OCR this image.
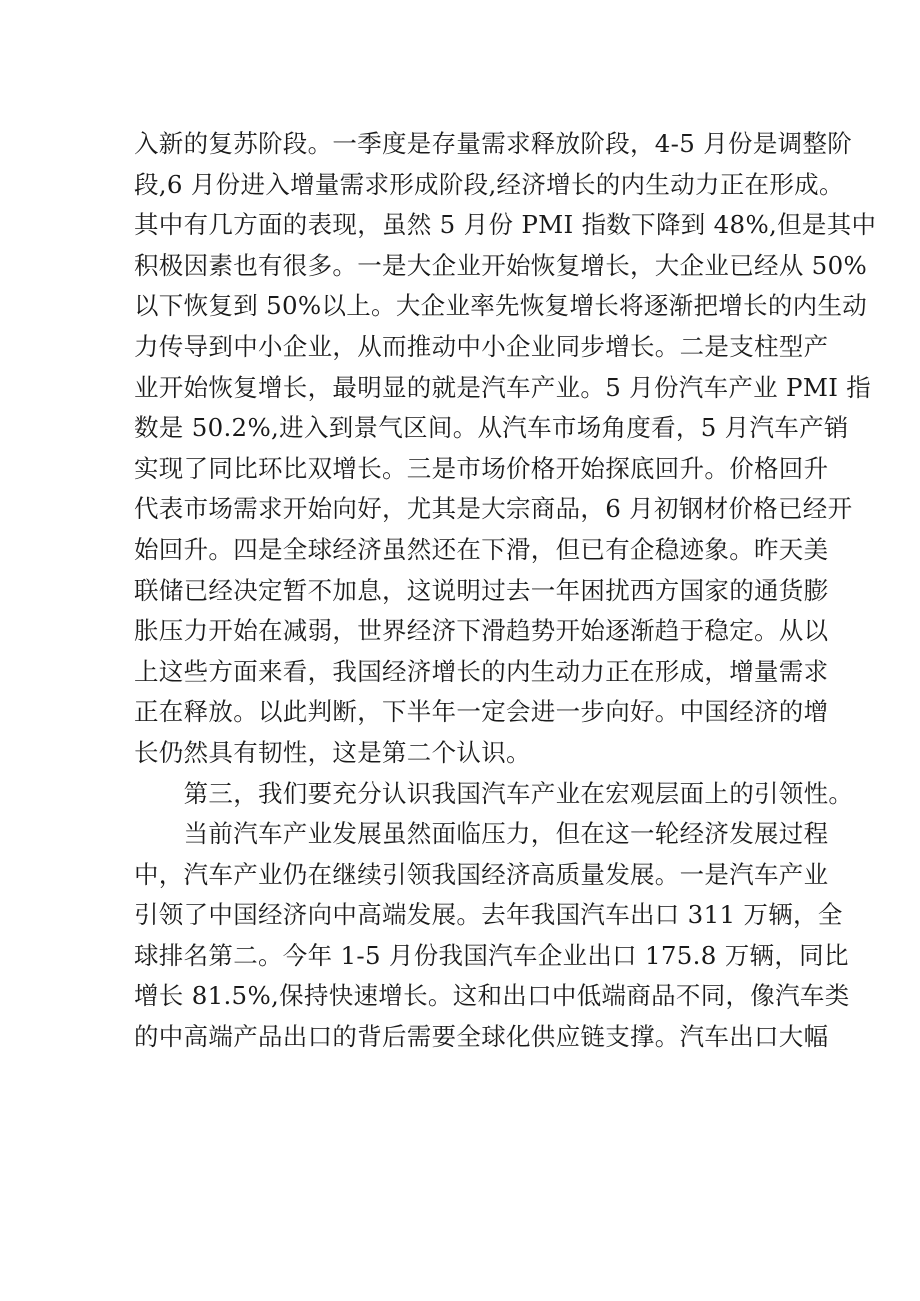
入新的复苏阶段。一季度是存量需求释放阶段，4-5 月份是调整阶
段,6 月份进入增量需求形成阶段,经济增长的内生动力正在形成。
其中有几方面的表现，虽然 5 月份 PMI 指数下降到 48%,但是其中
积极因素也有很多。一是大企业开始恢复增长，大企业已经从 50%
以下恢复到 50%以上。大企业率先恢复增长将逐渐把增长的内生动
力传导到中小企业，从而推动中小企业同步增长。二是支柱型产
业开始恢复增长，最明显的就是汽车产业。5 月份汽车产业 PMI 指
数是 50.2%,进入到景气区间。从汽车市场角度看，5 月汽车产销
实现了同比环比双增长。三是市场价格开始探底回升。价格回升
代表市场需求开始向好，尤其是大宗商品，6 月初钢材价格已经开
始回升。四是全球经济虽然还在下滑，但已有企稳迹象。昨天美
联储已经决定暂不加息，这说明过去一年困扰西方国家的通货膨
胀压力开始在减弱，世界经济下滑趋势开始逐渐趋于稳定。从以
上这些方面来看，我国经济增长的内生动力正在形成，增量需求
正在释放。以此判断，下半年一定会进一步向好。中国经济的增
长仍然具有韧性，这是第二个认识。
　　第三，我们要充分认识我国汽车产业在宏观层面上的引领性。
　　当前汽车产业发展虽然面临压力，但在这一轮经济发展过程
中，汽车产业仍在继续引领我国经济高质量发展。一是汽车产业
引领了中国经济向中高端发展。去年我国汽车出口 311 万辆，全
球排名第二。今年 1-5 月份我国汽车企业出口 175.8 万辆，同比
增长 81.5%,保持快速增长。这和出口中低端商品不同，像汽车类
的中高端产品出口的背后需要全球化供应链支撑。汽车出口大幅
